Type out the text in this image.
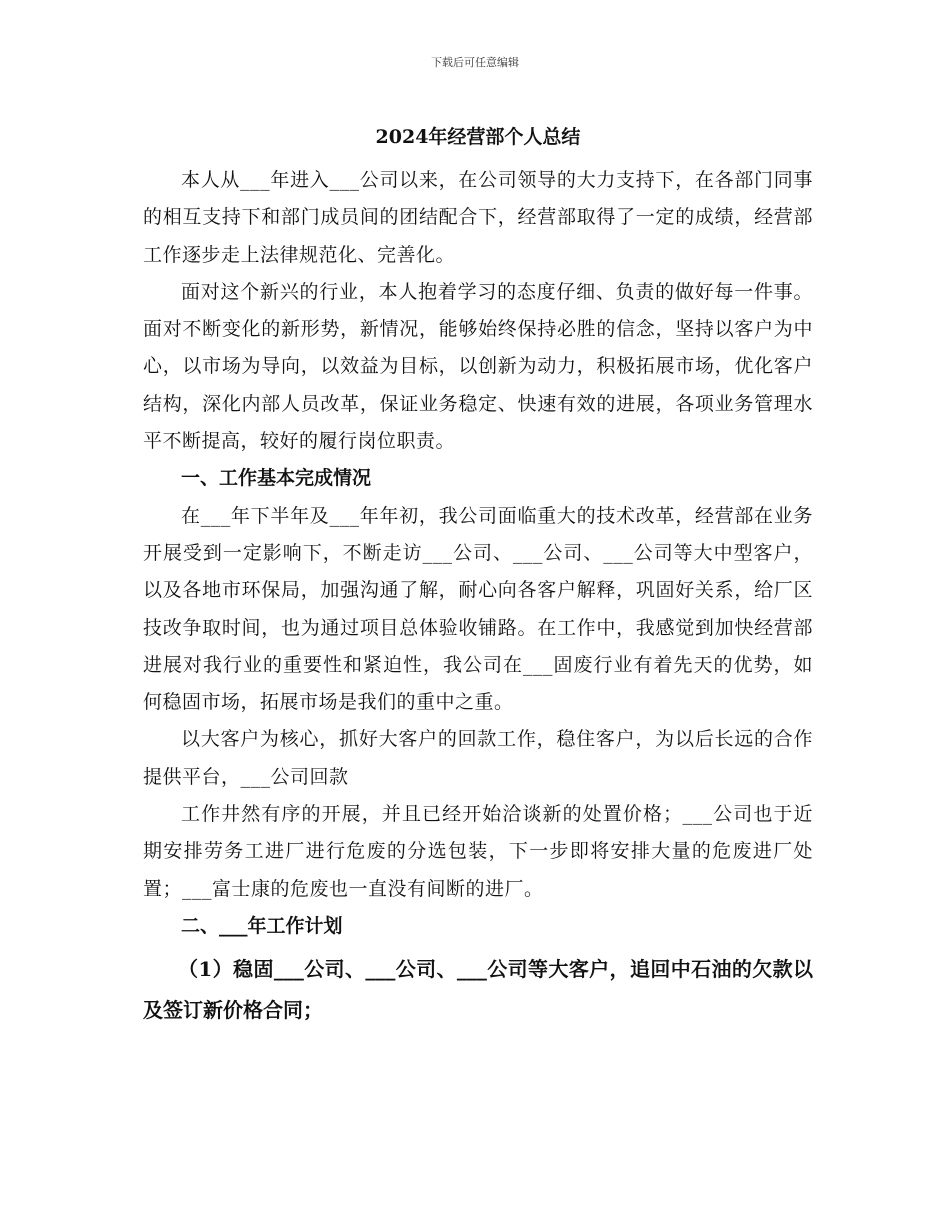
下载后可任意编辑
2024年经营部个人总结

本人从___年进入___公司以来，在公司领导的大力支持下，在各部门同事的相互支持下和部门成员间的团结配合下，经营部取得了一定的成绩，经营部工作逐步走上法律规范化、完善化。

面对这个新兴的行业，本人抱着学习的态度仔细、负责的做好每一件事。面对不断变化的新形势，新情况，能够始终保持必胜的信念，坚持以客户为中心，以市场为导向，以效益为目标，以创新为动力，积极拓展市场，优化客户结构，深化内部人员改革，保证业务稳定、快速有效的进展，各项业务管理水平不断提高，较好的履行岗位职责。

一、工作基本完成情况

在___年下半年及___年年初，我公司面临重大的技术改革，经营部在业务开展受到一定影响下，不断走访___公司、___公司、___公司等大中型客户，以及各地市环保局，加强沟通了解，耐心向各客户解释，巩固好关系，给厂区技改争取时间，也为通过项目总体验收铺路。在工作中，我感觉到加快经营部进展对我行业的重要性和紧迫性，我公司在___固废行业有着先天的优势，如何稳固市场，拓展市场是我们的重中之重。

以大客户为核心，抓好大客户的回款工作，稳住客户，为以后长远的合作提供平台，___公司回款

工作井然有序的开展，并且已经开始洽谈新的处置价格；___公司也于近期安排劳务工进厂进行危废的分选包装，下一步即将安排大量的危废进厂处置；___富士康的危废也一直没有间断的进厂。

二、___年工作计划

（1）稳固___公司、___公司、___公司等大客户，追回中石油的欠款以及签订新价格合同；
